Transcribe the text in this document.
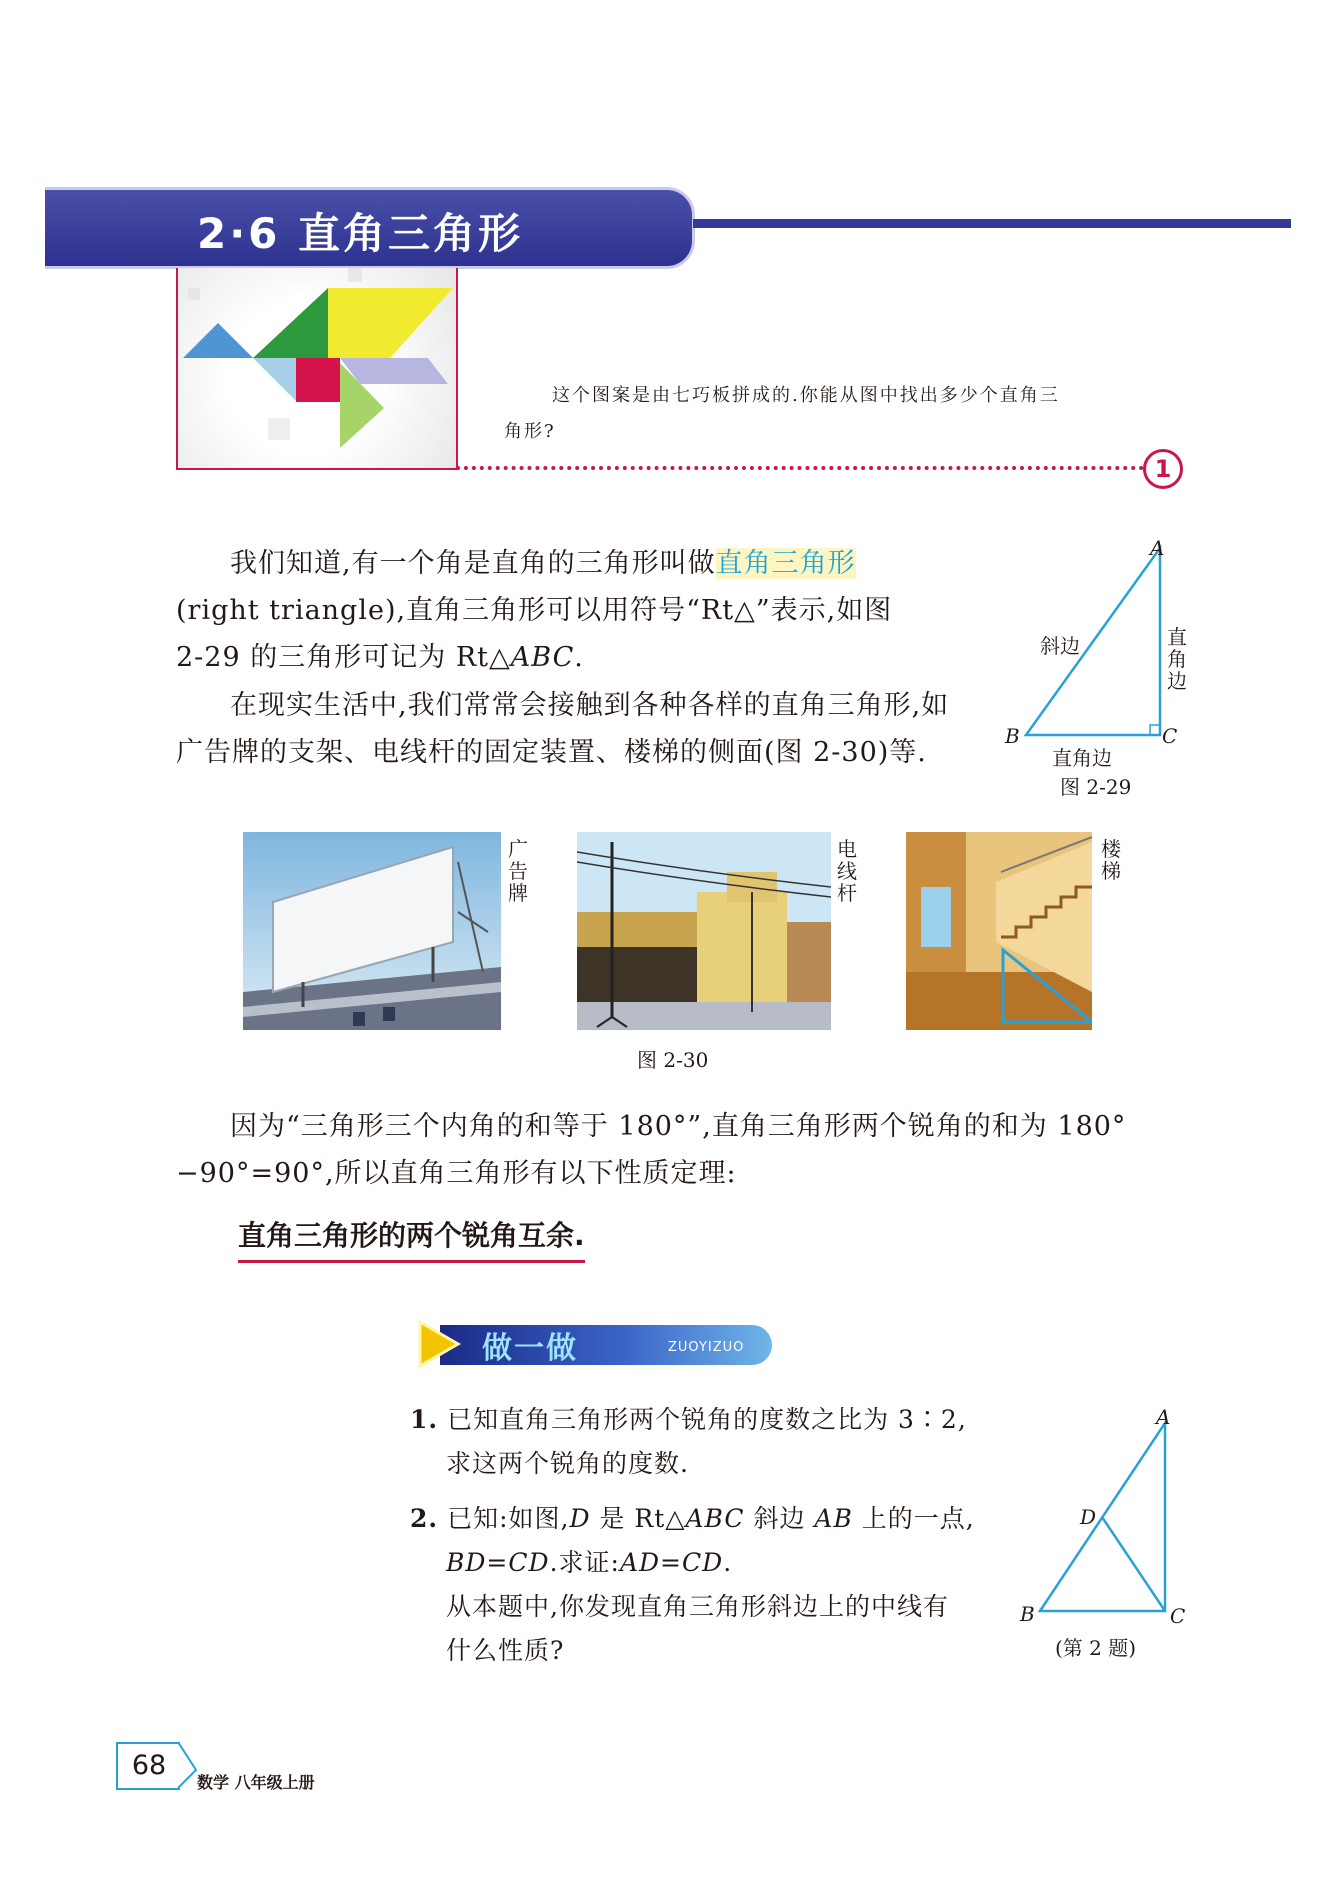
2·6 直角三角形
这个图案是由七巧板拼成的.你能从图中找出多少个直角三
角形?
1
我们知道,有一个角是直角的三角形叫做直角三角形
(right triangle),直角三角形可以用符号“Rt△”表示,如图
2-29 的三角形可记为 Rt△ABC.
在现实生活中,我们常常会接触到各种各样的直角三角形,如广告牌的支架、电线杆的固定装置、楼梯的侧面(图 2-30)等.
A
B	C
斜边	直角边
直角边
图 2-29
广告牌
电线杆
楼梯
图 2-30
因为“三角形三个内角的和等于 180°”,直角三角形两个锐角的和为 180°−90°=90°,所以直角三角形有以下性质定理:
直角三角形的两个锐角互余.
做一做	ZUOYIZUO
1. 已知直角三角形两个锐角的度数之比为 3∶2,
求这两个锐角的度数.
2. 已知:如图,D 是 Rt△ABC 斜边 AB 上的一点,
BD=CD.求证:AD=CD.
从本题中,你发现直角三角形斜边上的中线有
什么性质?
A
D
B	C
(第 2 题)
68
数学 八年级上册
